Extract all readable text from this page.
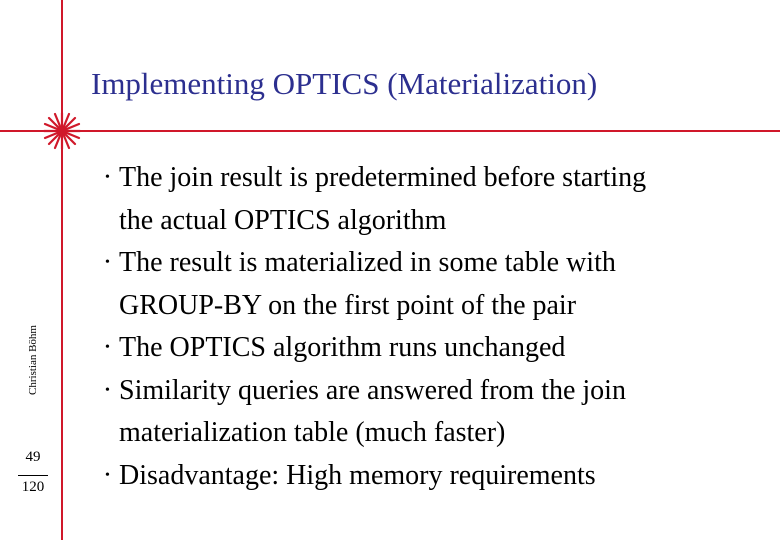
Implementing OPTICS (Materialization)
Christian Böhm
49
120
• The join result is predetermined before starting
the actual OPTICS algorithm
• The result is materialized in some table with
GROUP-BY on the first point of the pair
• The OPTICS algorithm runs unchanged
• Similarity queries are answered from the join
materialization table (much faster)
• Disadvantage: High memory requirements
